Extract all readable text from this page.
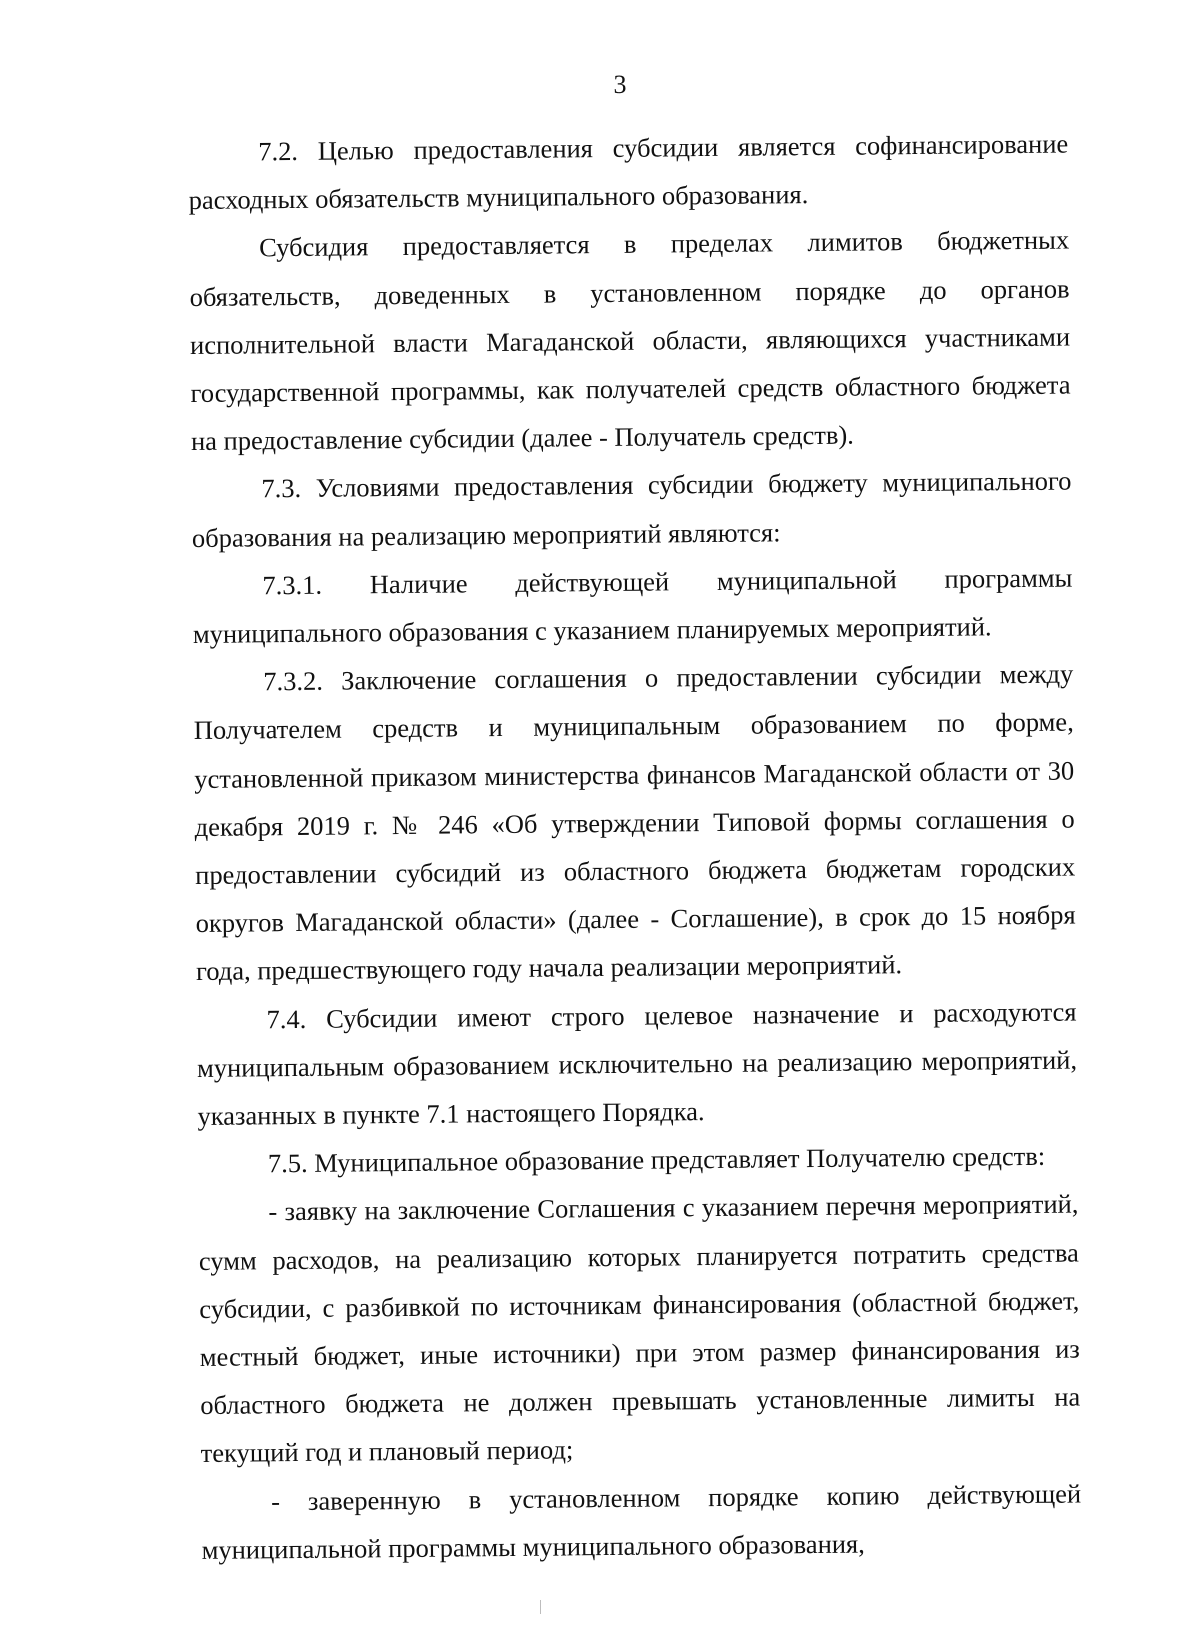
3

7.2. Целью предоставления субсидии является софинансирование расходных обязательств муниципального образования.

Субсидия предоставляется в пределах лимитов бюджетных обязательств, доведенных в установленном порядке до органов исполнительной власти Магаданской области, являющихся участниками государственной программы, как получателей средств областного бюджета на предоставление субсидии (далее - Получатель средств).

7.3. Условиями предоставления субсидии бюджету муниципального образования на реализацию мероприятий являются:

7.3.1. Наличие действующей муниципальной программы муниципального образования с указанием планируемых мероприятий.

7.3.2. Заключение соглашения о предоставлении субсидии между Получателем средств и муниципальным образованием по форме, установленной приказом министерства финансов Магаданской области от 30 декабря 2019 г. № 246 «Об утверждении Типовой формы соглашения о предоставлении субсидий из областного бюджета бюджетам городских округов Магаданской области» (далее - Соглашение), в срок до 15 ноября года, предшествующего году начала реализации мероприятий.

7.4. Субсидии имеют строго целевое назначение и расходуются муниципальным образованием исключительно на реализацию мероприятий, указанных в пункте 7.1 настоящего Порядка.

7.5. Муниципальное образование представляет Получателю средств:

- заявку на заключение Соглашения с указанием перечня мероприятий, сумм расходов, на реализацию которых планируется потратить средства субсидии, с разбивкой по источникам финансирования (областной бюджет, местный бюджет, иные источники) при этом размер финансирования из областного бюджета не должен превышать установленные лимиты на текущий год и плановый период;

- заверенную в установленном порядке копию действующей муниципальной программы муниципального образования,
